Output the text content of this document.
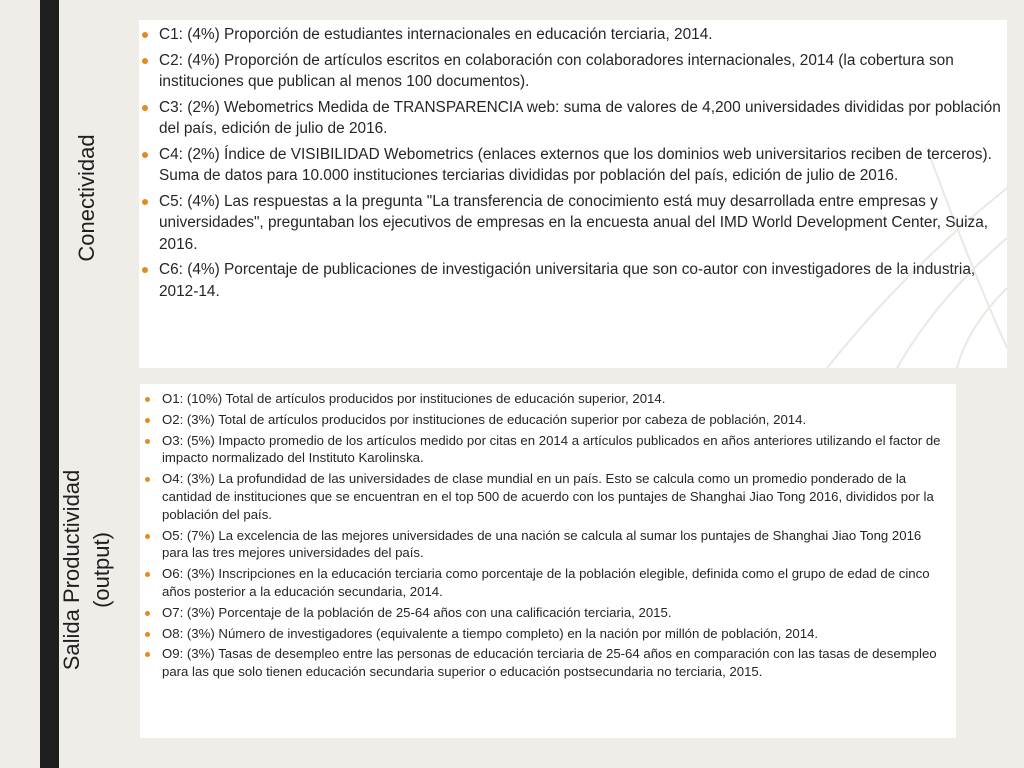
Conectividad
Salida Productividad (output)
C1: (4%) Proporción de estudiantes internacionales en educación terciaria, 2014.
C2: (4%) Proporción de artículos escritos en colaboración con colaboradores internacionales, 2014 (la cobertura son instituciones que publican al menos 100 documentos).
C3: (2%) Webometrics Medida de TRANSPARENCIA web: suma de valores de 4,200 universidades divididas por población del país, edición de julio de 2016.
C4: (2%) Índice de VISIBILIDAD Webometrics (enlaces externos que los dominios web universitarios reciben de terceros). Suma de datos para 10.000 instituciones terciarias divididas por población del país, edición de julio de 2016.
C5: (4%) Las respuestas a la pregunta "La transferencia de conocimiento está muy desarrollada entre empresas y universidades", preguntaban los ejecutivos de empresas en la encuesta anual del IMD World Development Center, Suiza, 2016.
C6: (4%) Porcentaje de publicaciones de investigación universitaria que son co-autor con investigadores de la industria, 2012-14.
O1: (10%) Total de artículos producidos por instituciones de educación superior, 2014.
O2: (3%) Total de artículos producidos por instituciones de educación superior por cabeza de población, 2014.
O3: (5%) Impacto promedio de los artículos medido por citas en 2014 a artículos publicados en años anteriores utilizando el factor de impacto normalizado del Instituto Karolinska.
O4: (3%) La profundidad de las universidades de clase mundial en un país. Esto se calcula como un promedio ponderado de la cantidad de instituciones que se encuentran en el top 500 de acuerdo con los puntajes de Shanghai Jiao Tong 2016, divididos por la población del país.
O5: (7%) La excelencia de las mejores universidades de una nación se calcula al sumar los puntajes de Shanghai Jiao Tong 2016 para las tres mejores universidades del país.
O6: (3%) Inscripciones en la educación terciaria como porcentaje de la población elegible, definida como el grupo de edad de cinco años posterior a la educación secundaria, 2014.
O7: (3%) Porcentaje de la población de 25-64 años con una calificación terciaria, 2015.
O8: (3%) Número de investigadores (equivalente a tiempo completo) en la nación por millón de población, 2014.
O9: (3%) Tasas de desempleo entre las personas de educación terciaria de 25-64 años en comparación con las tasas de desempleo para las que solo tienen educación secundaria superior o educación postsecundaria no terciaria, 2015.
